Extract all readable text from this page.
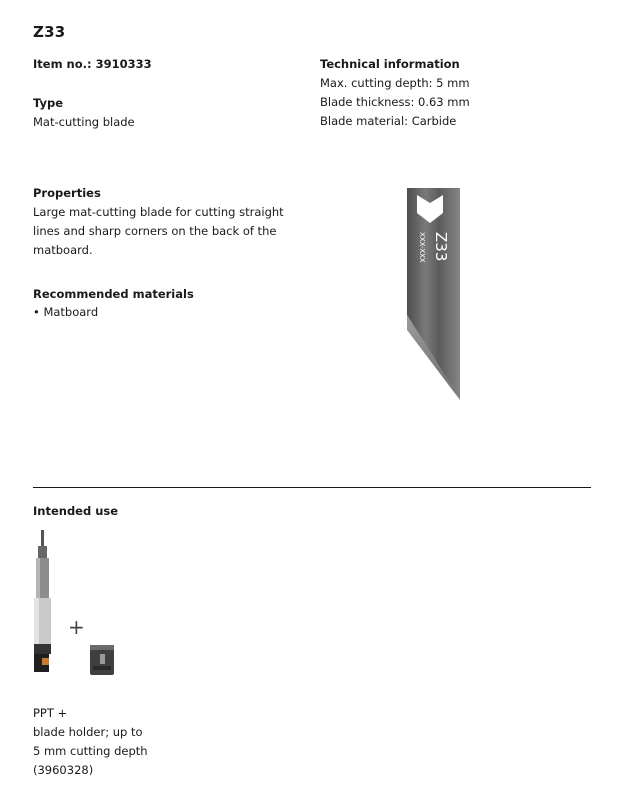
Z33
Item no.: 3910333
Type
Mat-cutting blade
Technical information
Max. cutting depth: 5 mm
Blade thickness: 0.63 mm
Blade material: Carbide
Properties
Large mat-cutting blade for cutting straight
lines and sharp corners on the back of the
matboard.
Recommended materials
• Matboard
Z33
XXX-XXX
Intended use
+
PPT +
blade holder; up to
5 mm cutting depth
(3960328)
